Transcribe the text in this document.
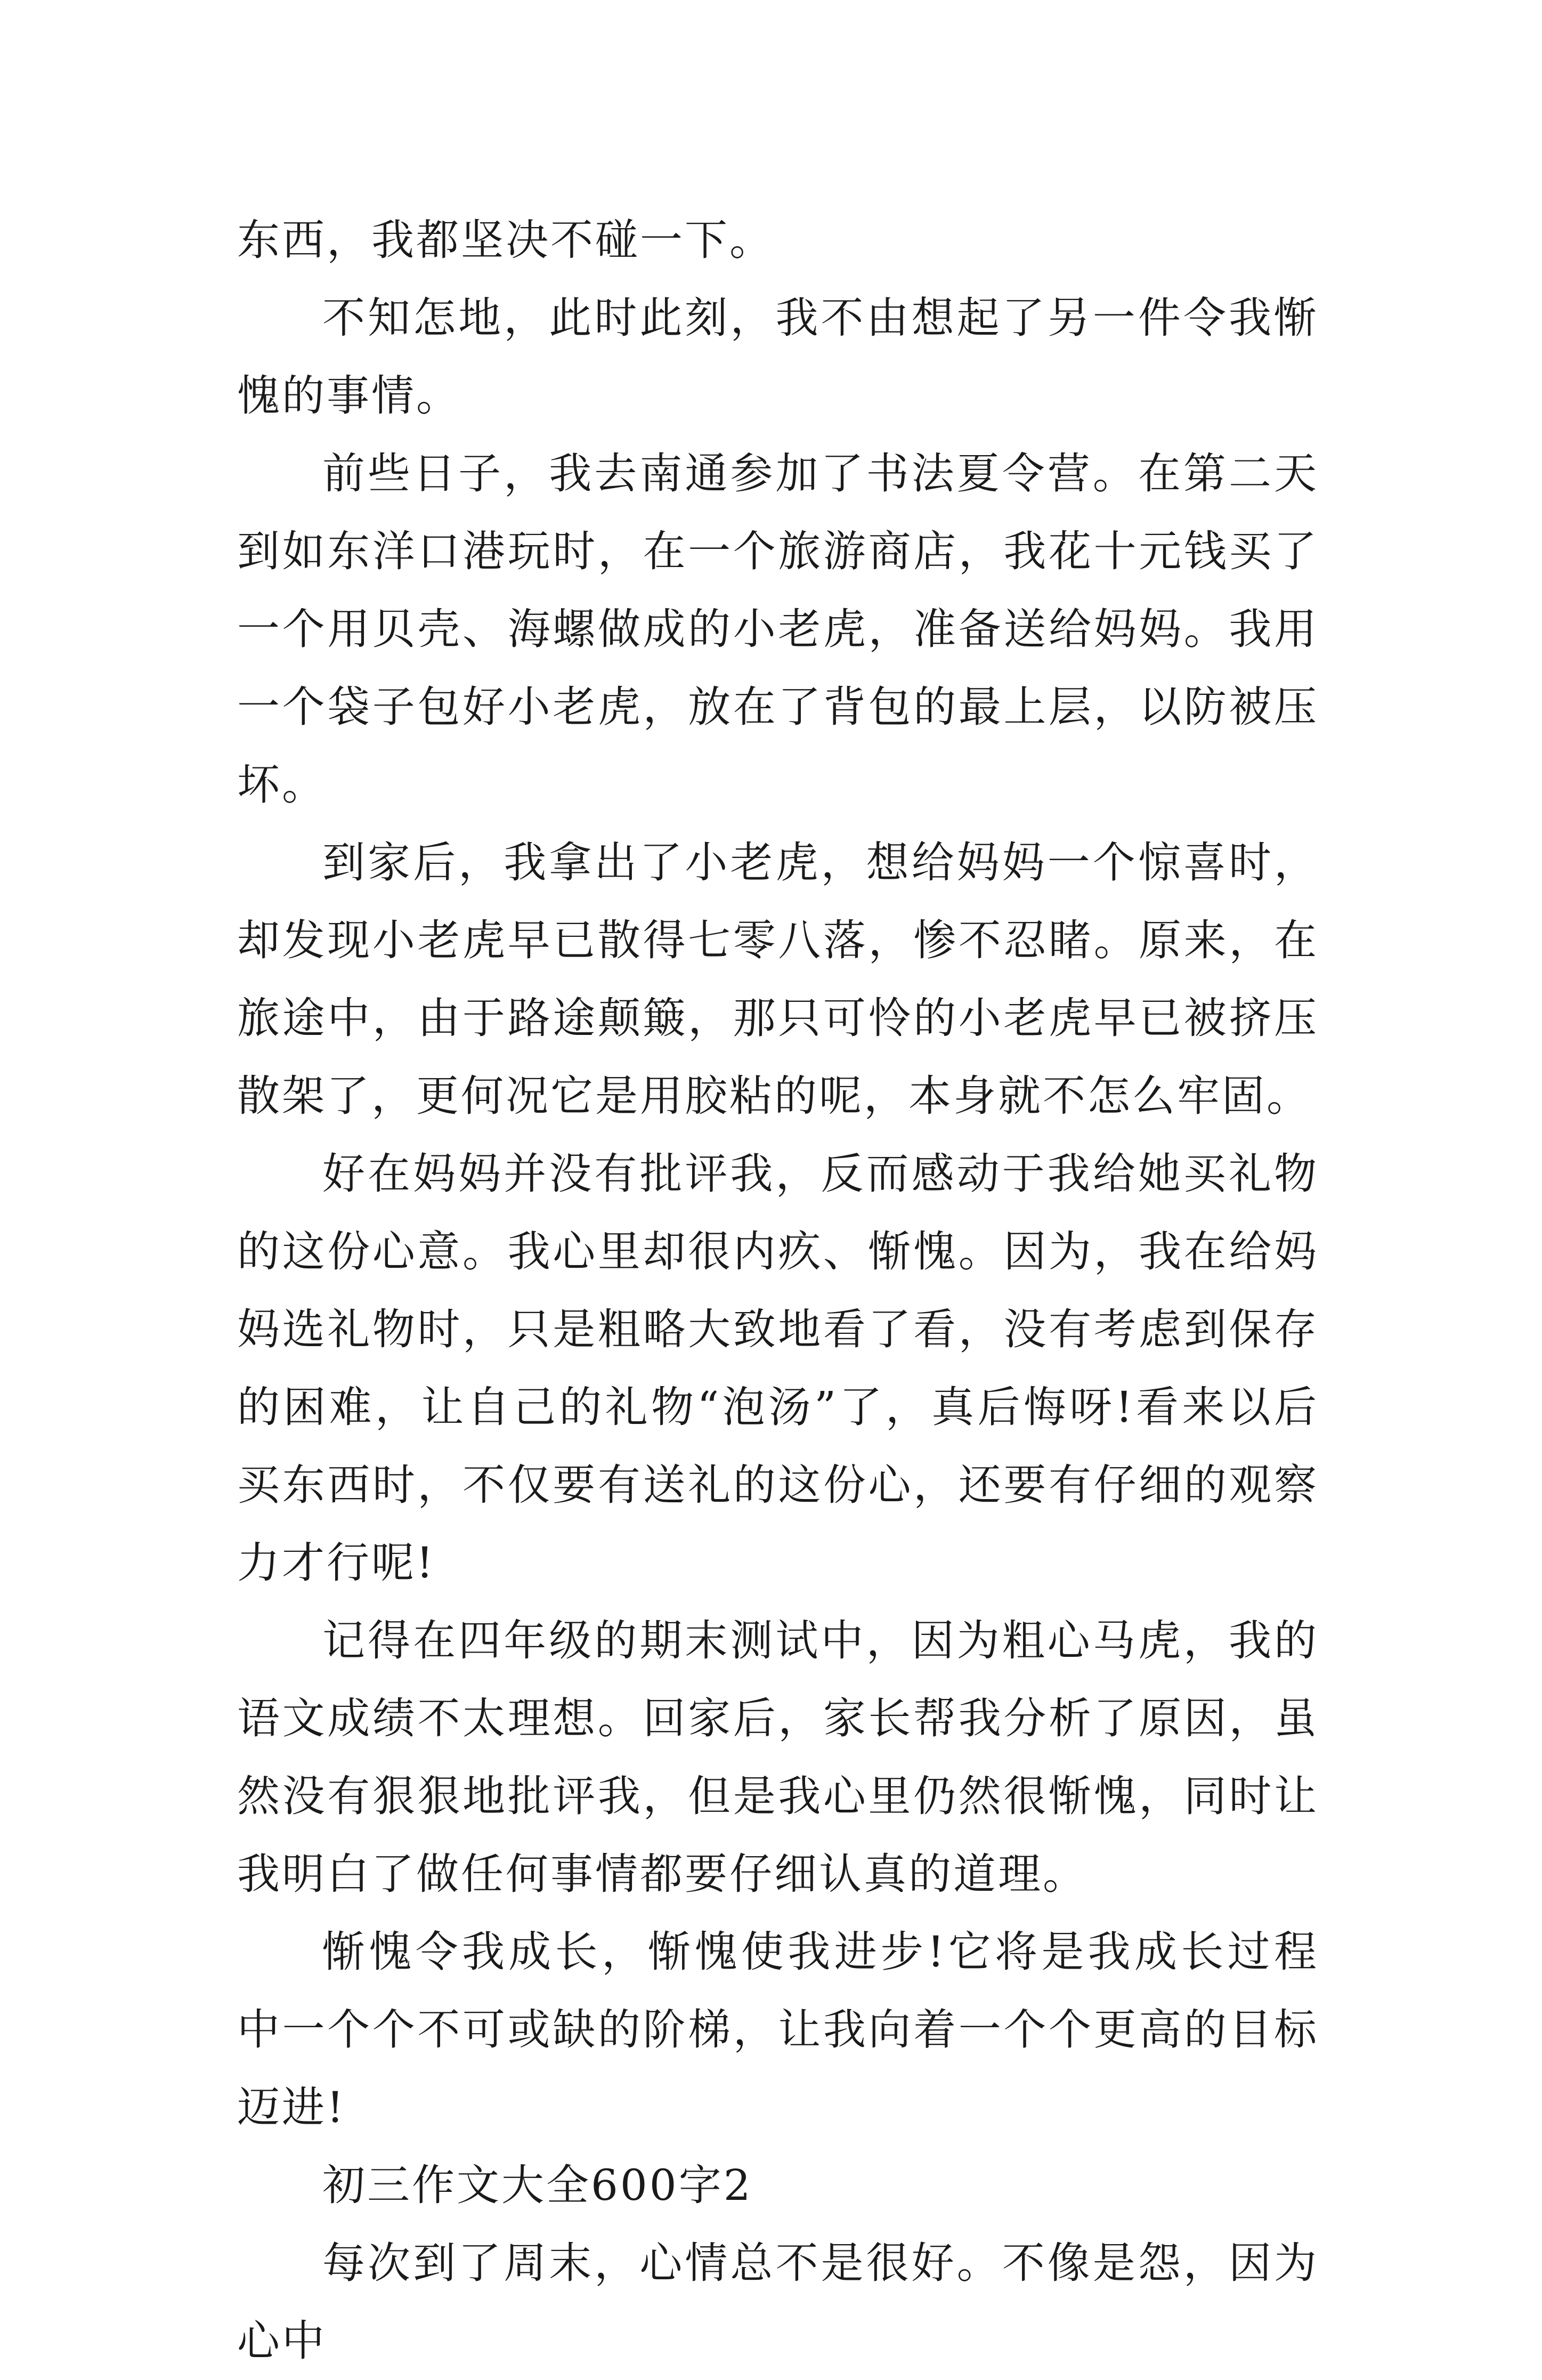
东西，我都坚决不碰一下。

不知怎地，此时此刻，我不由想起了另一件令我惭愧的事情。

前些日子，我去南通参加了书法夏令营。在第二天到如东洋口港玩时，在一个旅游商店，我花十元钱买了一个用贝壳、海螺做成的小老虎，准备送给妈妈。我用一个袋子包好小老虎，放在了背包的最上层，以防被压坏。

到家后，我拿出了小老虎，想给妈妈一个惊喜时，却发现小老虎早已散得七零八落，惨不忍睹。原来，在旅途中，由于路途颠簸，那只可怜的小老虎早已被挤压散架了，更何况它是用胶粘的呢，本身就不怎么牢固。

好在妈妈并没有批评我，反而感动于我给她买礼物的这份心意。我心里却很内疚、惭愧。因为，我在给妈妈选礼物时，只是粗略大致地看了看，没有考虑到保存的困难，让自己的礼物“泡汤”了，真后悔呀!看来以后买东西时，不仅要有送礼的这份心，还要有仔细的观察力才行呢!

记得在四年级的期末测试中，因为粗心马虎，我的语文成绩不太理想。回家后，家长帮我分析了原因，虽然没有狠狠地批评我，但是我心里仍然很惭愧，同时让我明白了做任何事情都要仔细认真的道理。

惭愧令我成长，惭愧使我进步!它将是我成长过程中一个个不可或缺的阶梯，让我向着一个个更高的目标迈进!

初三作文大全600字2

每次到了周末，心情总不是很好。不像是怨，因为心中
